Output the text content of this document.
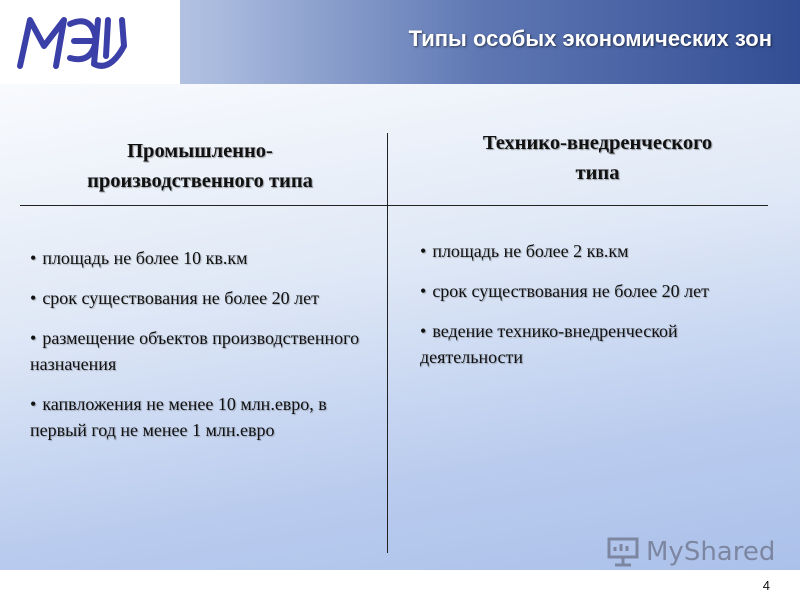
Типы особых экономических зон
Промышленно-
производственного типа
Технико-внедренческого
типа
• площадь не более 10 кв.км
• срок существования не более 20 лет
• размещение объектов производственного назначения
• капвложения не менее 10 млн.евро, в первый год не менее 1 млн.евро
• площадь не более 2 кв.км
• срок существования не более 20 лет
• ведение технико-внедренческой деятельности
MyShared
4
